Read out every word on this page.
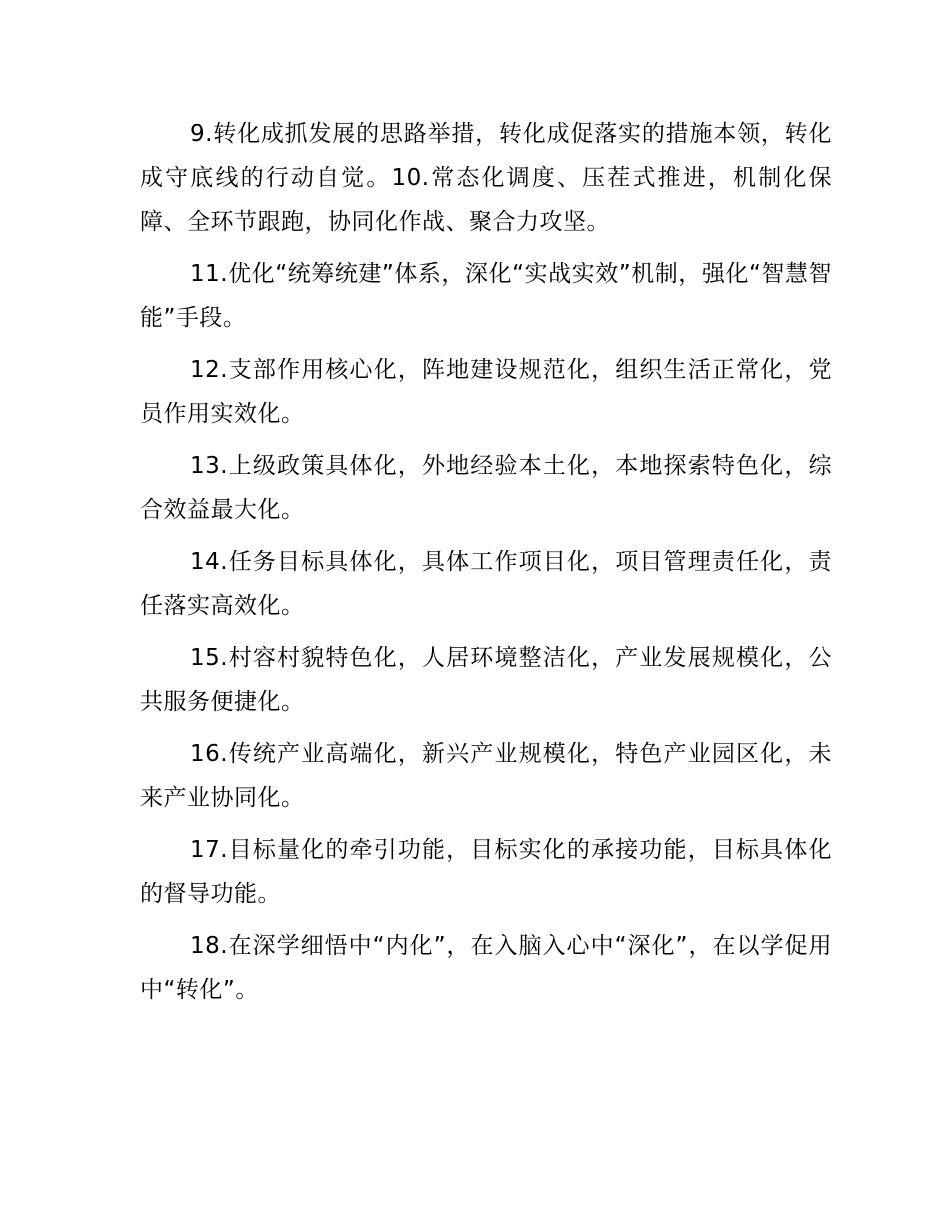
9.转化成抓发展的思路举措，转化成促落实的措施本领，转化成守底线的行动自觉。10.常态化调度、压茬式推进，机制化保障、全环节跟跑，协同化作战、聚合力攻坚。

11.优化“统筹统建”体系，深化“实战实效”机制，强化“智慧智能”手段。

12.支部作用核心化，阵地建设规范化，组织生活正常化，党员作用实效化。

13.上级政策具体化，外地经验本土化，本地探索特色化，综合效益最大化。

14.任务目标具体化，具体工作项目化，项目管理责任化，责任落实高效化。

15.村容村貌特色化，人居环境整洁化，产业发展规模化，公共服务便捷化。

16.传统产业高端化，新兴产业规模化，特色产业园区化，未来产业协同化。

17.目标量化的牵引功能，目标实化的承接功能，目标具体化的督导功能。

18.在深学细悟中“内化”，在入脑入心中“深化”，在以学促用中“转化”。
